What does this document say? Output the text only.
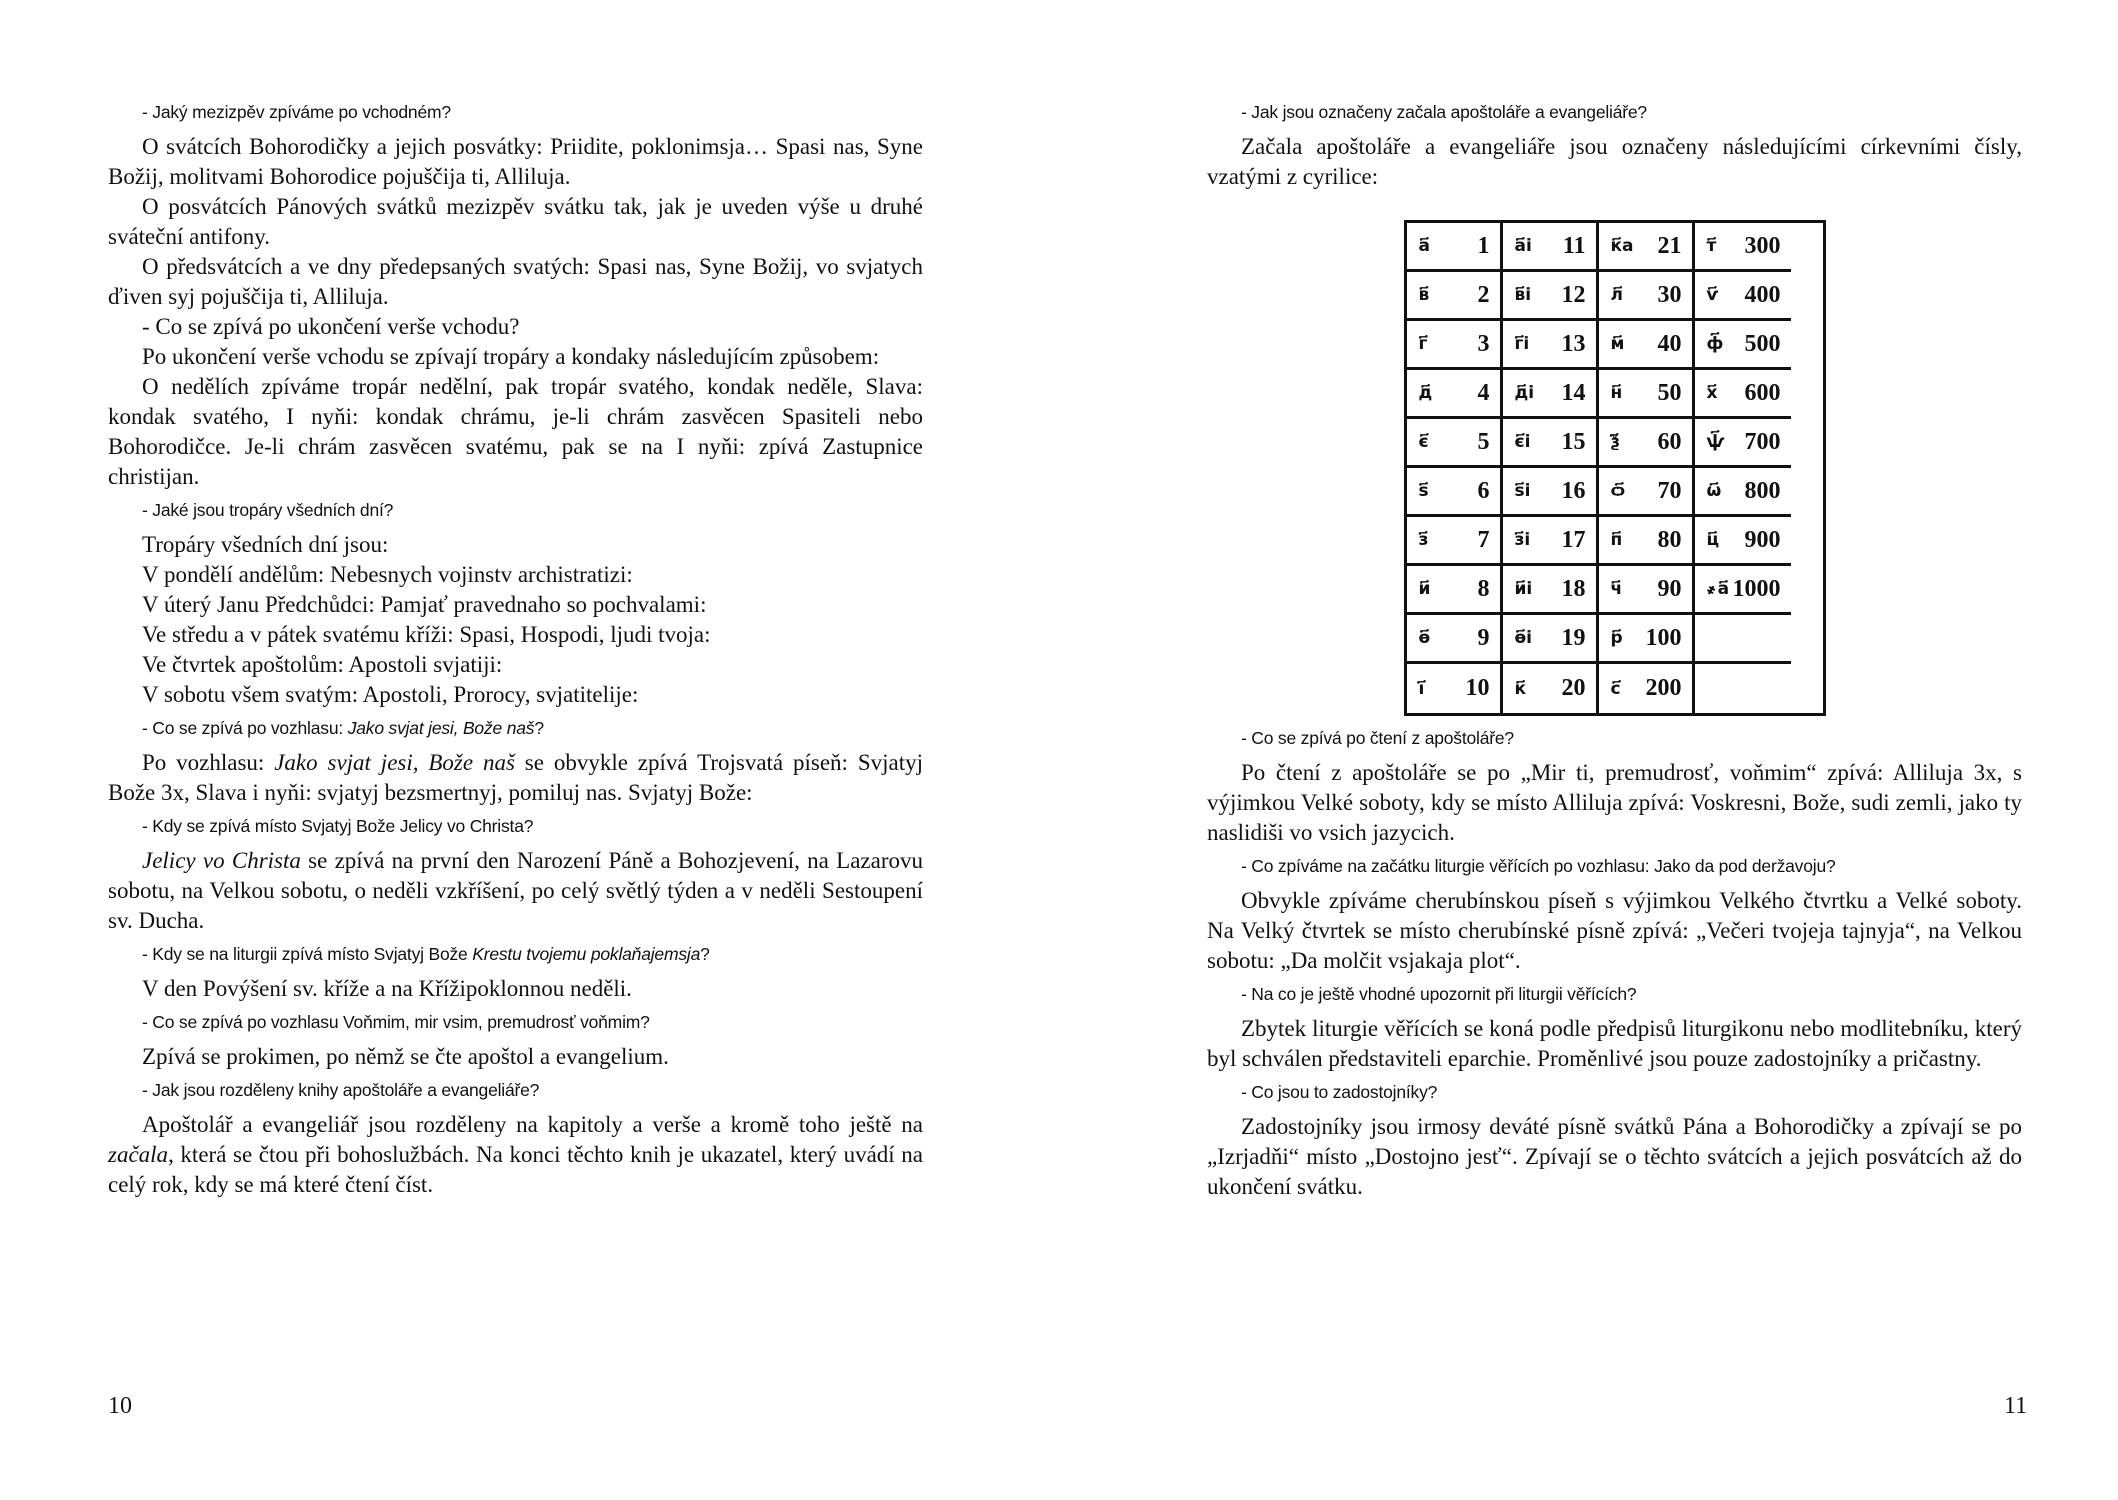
- Jaký mezizpěv zpíváme po vchodném?

O svátcích Bohorodičky a jejich posvátky: Priidite, poklonimsja… Spasi nas, Syne Božij, molitvami Bohorodice pojuščija ti, Alliluja.

O posvátcích Pánových svátků mezizpěv svátku tak, jak je uveden výše u druhé sváteční antifony.

O předsvátcích a ve dny předepsaných svatých: Spasi nas, Syne Božij, vo svjatych ďiven syj pojuščija ti, Alliluja.

- Co se zpívá po ukončení verše vchodu?

Po ukončení verše vchodu se zpívají tropáry a kondaky následujícím způsobem:

O nedělích zpíváme tropár nedělní, pak tropár svatého, kondak neděle, Slava: kondak svatého, I nyňi: kondak chrámu, je-li chrám zasvěcen Spasiteli nebo Bohorodičce. Je-li chrám zasvěcen svatému, pak se na I nyňi: zpívá Zastupnice christijan.

- Jaké jsou tropáry všedních dní?
Tropáry všedních dní jsou:
V pondělí andělům: Nebesnych vojinstv archistratizi:
V úterý Janu Předchůdci: Pamjať pravednaho so pochvalami:
Ve středu a v pátek svatému kříži: Spasi, Hospodi, ljudi tvoja:
Ve čtvrtek apoštolům: Apostoli svjatiji:
V sobotu všem svatým: Apostoli, Prorocy, svjatitelije:
- Co se zpívá po vozhlasu: Jako svjat jesi, Bože naš?

Po vozhlasu: Jako svjat jesi, Bože naš se obvykle zpívá Trojsvatá píseň: Svjatyj Bože 3x, Slava i nyňi: svjatyj bezsmertnyj, pomiluj nas. Svjatyj Bože:

- Kdy se zpívá místo Svjatyj Bože Jelicy vo Christa?

Jelicy vo Christa se zpívá na první den Narození Páně a Bohozjevení, na Lazarovu sobotu, na Velkou sobotu, o neděli vzkříšení, po celý světlý týden a v neděli Sestoupení sv. Ducha.

- Kdy se na liturgii zpívá místo Svjatyj Bože Krestu tvojemu poklaňajemsja?

V den Povýšení sv. kříže a na Křížipoklonnou neděli.

- Co se zpívá po vozhlasu Voňmim, mir vsim, premudrosť voňmim?

Zpívá se prokimen, po němž se čte apoštol a evangelium.

- Jak jsou rozděleny knihy apoštoláře a evangeliáře?

Apoštolář a evangeliář jsou rozděleny na kapitoly a verše a kromě toho ještě na začala, která se čtou při bohoslužbách. Na konci těchto knih je ukazatel, který uvádí na celý rok, kdy se má které čtení číst.

10
- Jak jsou označeny začala apoštoláře a evangeliáře?

Začala apoštoláře a evangeliáře jsou označeny následujícími církevními čísly, vzatými z cyrilice:

а҃ 1 а҃і 11 к҃а 21 т҃ 300
в҃ 2 в҃і 12 л҃ 30 ѵ҃ 400
г҃ 3 г҃і 13 м҃ 40 ф҃ 500
д҃ 4 д҃і 14 н҃ 50 х҃ 600
є҃ 5 є҃і 15 ѯ҃ 60 ѱ҃ 700
ѕ҃ 6 ѕ҃і 16 ѻ҃ 70 ѡ҃ 800
з҃ 7 з҃і 17 п҃ 80 ц҃ 900
и҃ 8 и҃і 18 ч҃ 90 ҂а҃ 1000
ѳ҃ 9 ѳ҃і 19 р҃ 100
і҃ 10 к҃ 20 с҃ 200
- Co se zpívá po čtení z apoštoláře?

Po čtení z apoštoláře se po „Mir ti, premudrosť, voňmim“ zpívá: Alliluja 3x, s výjimkou Velké soboty, kdy se místo Alliluja zpívá: Voskresni, Bože, sudi zemli, jako ty naslidiši vo vsich jazycich.

- Co zpíváme na začátku liturgie věřících po vozhlasu: Jako da pod deržavoju?

Obvykle zpíváme cherubínskou píseň s výjimkou Velkého čtvrtku a Velké soboty. Na Velký čtvrtek se místo cherubínské písně zpívá: „Večeri tvojeja tajnyja“, na Velkou sobotu: „Da molčit vsjakaja plot“.

- Na co je ještě vhodné upozornit při liturgii věřících?

Zbytek liturgie věřících se koná podle předpisů liturgikonu nebo modlitebníku, který byl schválen představiteli eparchie. Proměnlivé jsou pouze zadostojníky a pričastny.

- Co jsou to zadostojníky?

Zadostojníky jsou irmosy deváté písně svátků Pána a Bohorodičky a zpívají se po „Izrjadňi“ místo „Dostojno jesť“. Zpívají se o těchto svátcích a jejich posvátcích až do ukončení svátku.

11
